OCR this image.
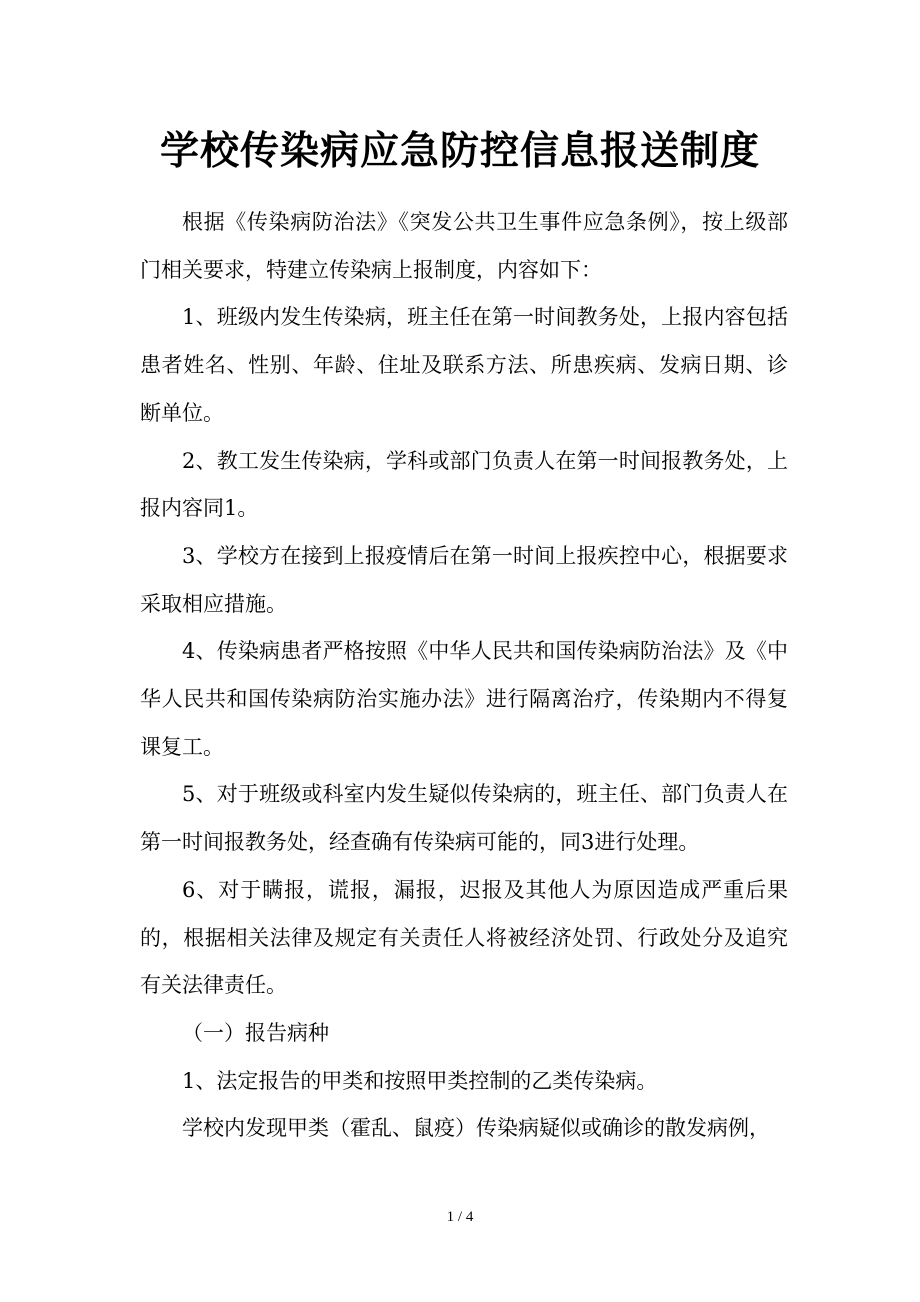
学校传染病应急防控信息报送制度

根据《传染病防治法》《突发公共卫生事件应急条例》，按上级部门相关要求，特建立传染病上报制度，内容如下：

1、班级内发生传染病，班主任在第一时间教务处，上报内容包括患者姓名、性别、年龄、住址及联系方法、所患疾病、发病日期、诊断单位。

2、教工发生传染病，学科或部门负责人在第一时间报教务处，上报内容同1。

3、学校方在接到上报疫情后在第一时间上报疾控中心，根据要求采取相应措施。

4、传染病患者严格按照《中华人民共和国传染病防治法》及《中华人民共和国传染病防治实施办法》进行隔离治疗，传染期内不得复课复工。

5、对于班级或科室内发生疑似传染病的，班主任、部门负责人在第一时间报教务处，经查确有传染病可能的，同3进行处理。

6、对于瞒报，谎报，漏报，迟报及其他人为原因造成严重后果的，根据相关法律及规定有关责任人将被经济处罚、行政处分及追究有关法律责任。

（一）报告病种

1、法定报告的甲类和按照甲类控制的乙类传染病。

学校内发现甲类（霍乱、鼠疫）传染病疑似或确诊的散发病例，

1 / 4
